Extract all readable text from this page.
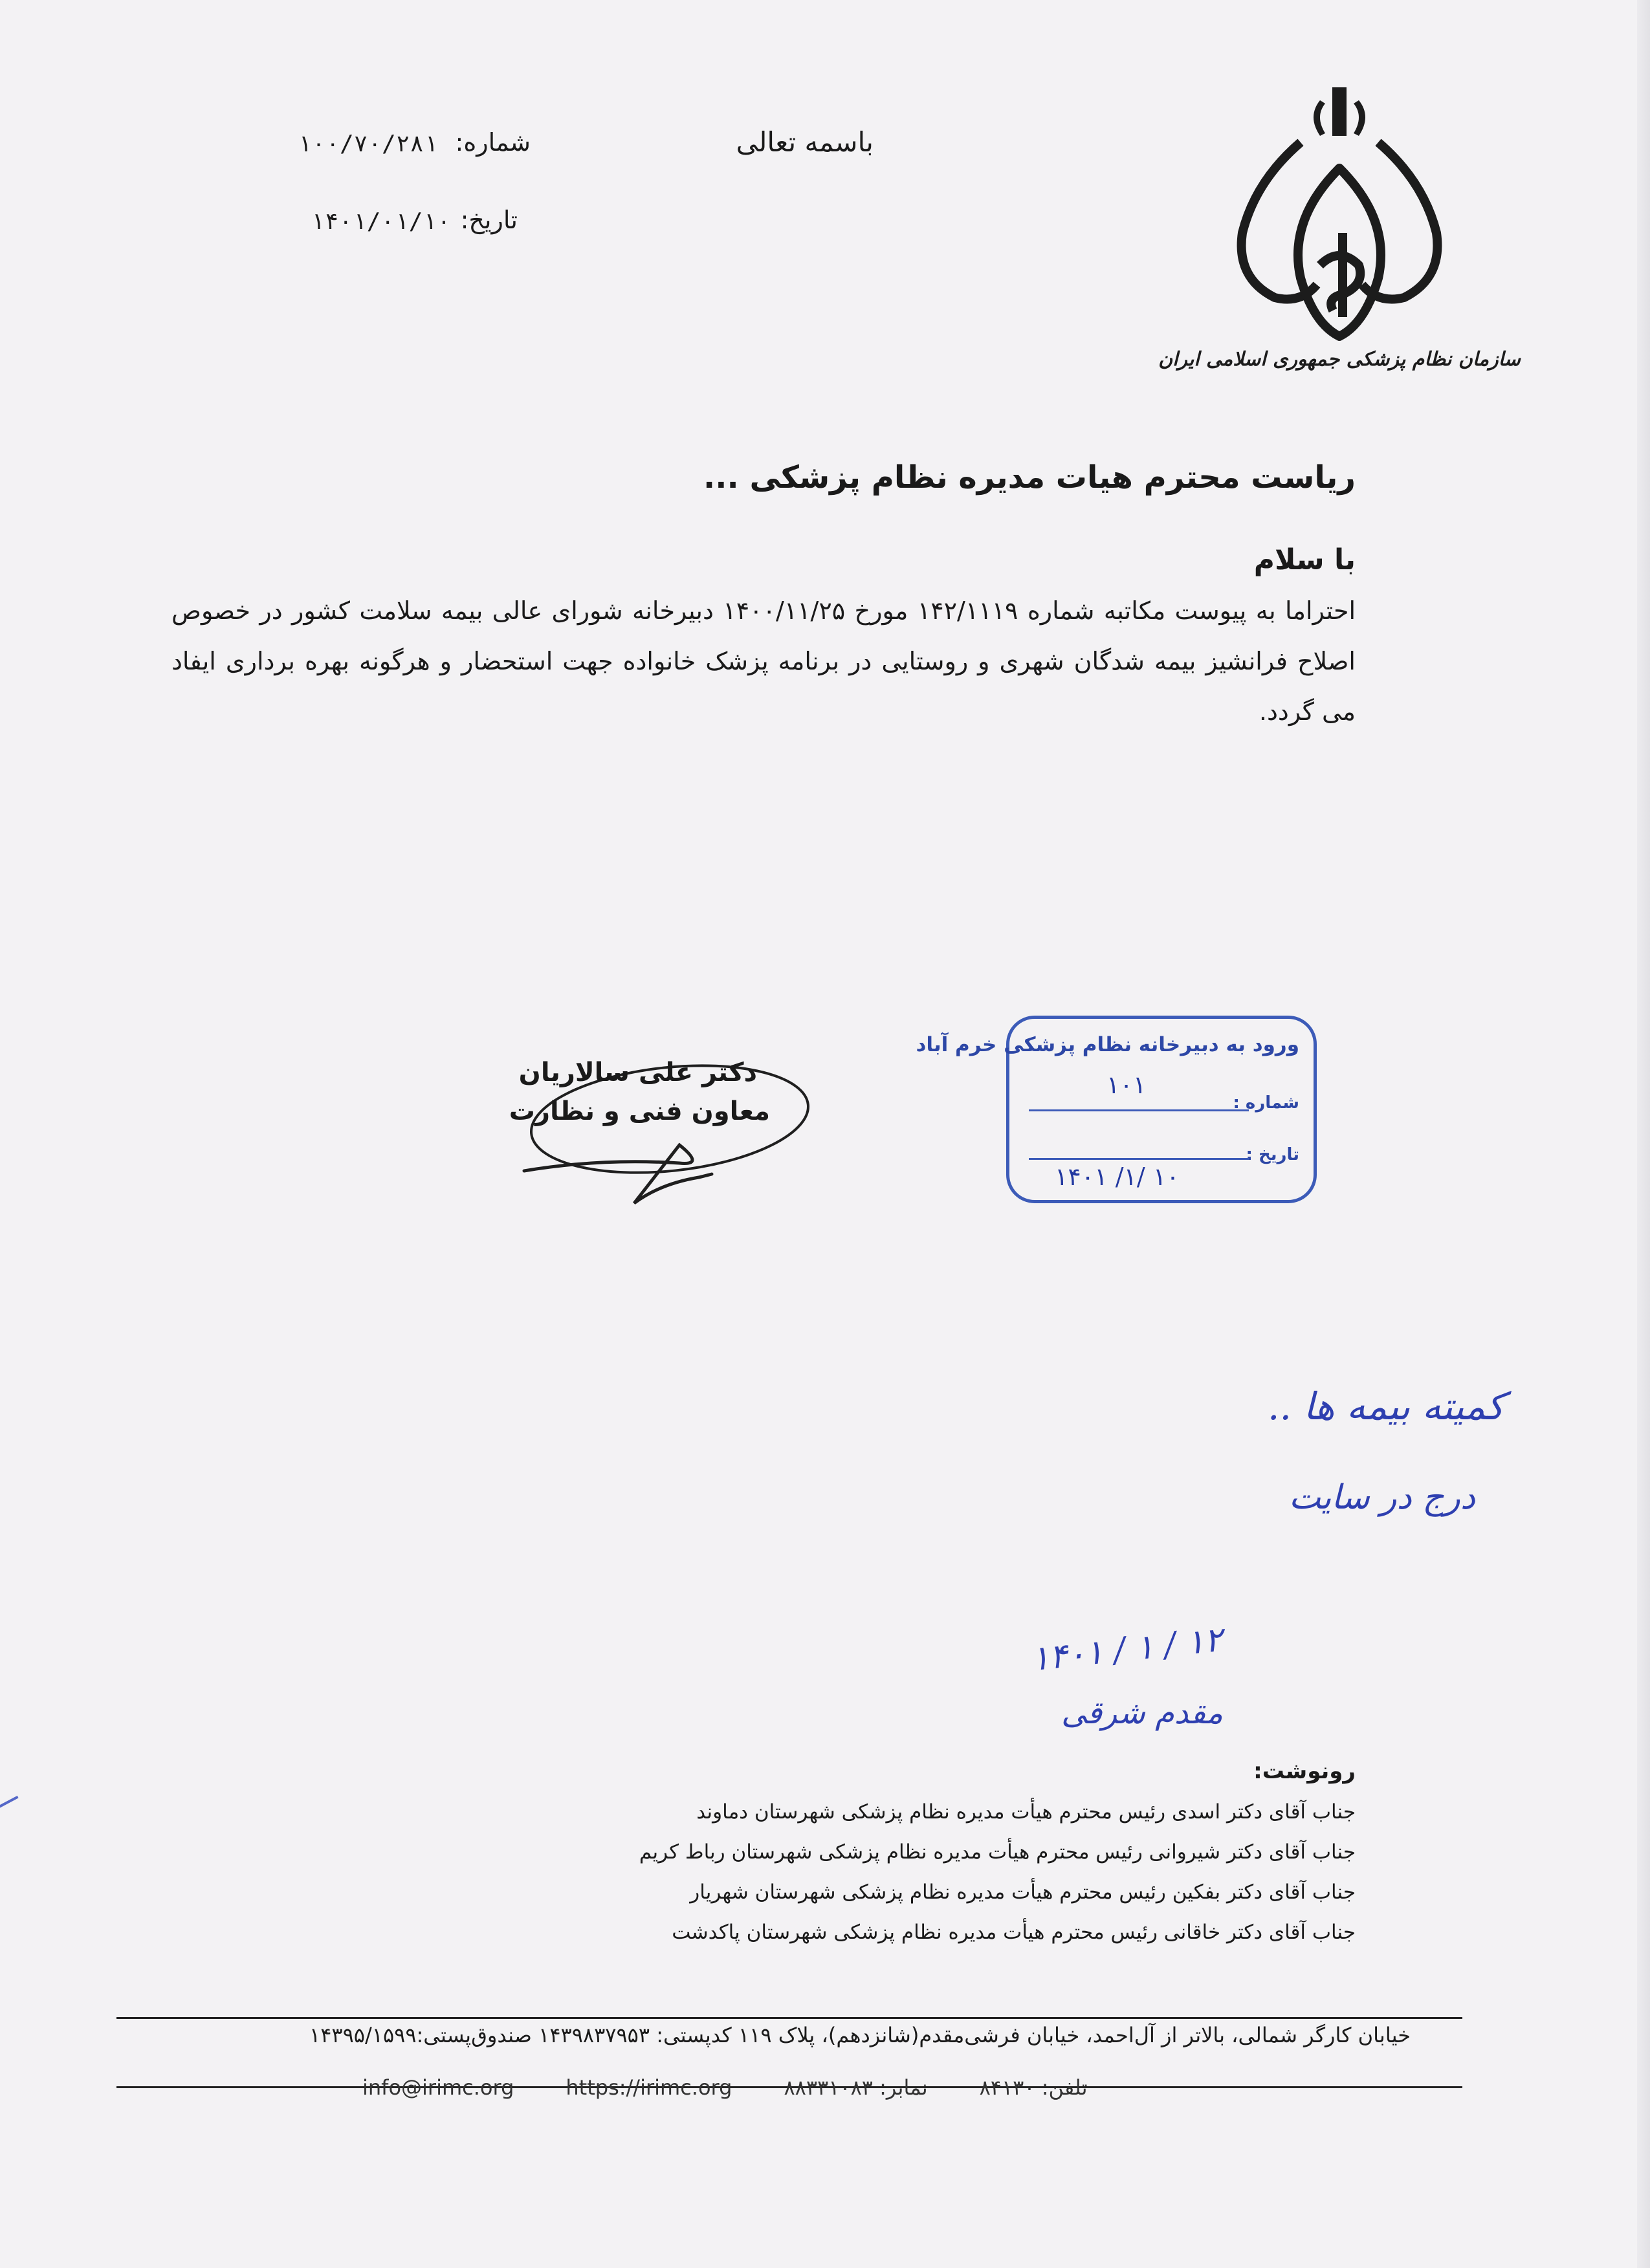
سازمان نظام پزشکی جمهوری اسلامی ایران
باسمه تعالی
شماره:
۱۰۰/۷۰/۲۸۱
تاریخ:
۱۴۰۱/۰۱/۱۰
ریاست محترم هیات مدیره نظام پزشکی ...
با سلام
احتراما به پیوست مکاتبه شماره ۱۴۲/۱۱۱۹ مورخ ۱۴۰۰/۱۱/۲۵ دبیرخانه شورای عالی بیمه سلامت کشور در خصوص اصلاح فرانشیز بیمه شدگان شهری و روستایی در برنامه پزشک خانواده جهت استحضار و هرگونه بهره برداری ایفاد می گردد.
دکتر علی سالاریان
معاون فنی و نظارت
ورود به دبیرخانه نظام پزشکی خرم آباد
شماره :
۱۰۱
تاریخ :
۱۴۰۱ /۱/ ۱۰
کمیته بیمه ها ..
درج در سایت
۱۴۰۱ / ۱ / ۱۲
مقدم شرقی
رونوشت:
جناب آقای دکتر اسدی رئیس محترم هیأت مدیره نظام پزشکی شهرستان دماوند
جناب آقای دکتر شیروانی رئیس محترم هیأت مدیره نظام پزشکی شهرستان رباط کریم
جناب آقای دکتر بفکین رئیس محترم هیأت مدیره نظام پزشکی شهرستان شهریار
جناب آقای دکتر خاقانی رئیس محترم هیأت مدیره نظام پزشکی شهرستان پاکدشت
خیابان کارگر شمالی، بالاتر از آل‌احمد، خیابان فرشی‌مقدم(شانزدهم)، پلاک ۱۱۹ کدپستی: ۱۴۳۹۸۳۷۹۵۳ صندوق‌پستی:۱۴۳۹۵/۱۵۹۹
info@irimc.org	https://irimc.org	نمابر: ۸۸۳۳۱۰۸۳	تلفن: ۸۴۱۳۰
